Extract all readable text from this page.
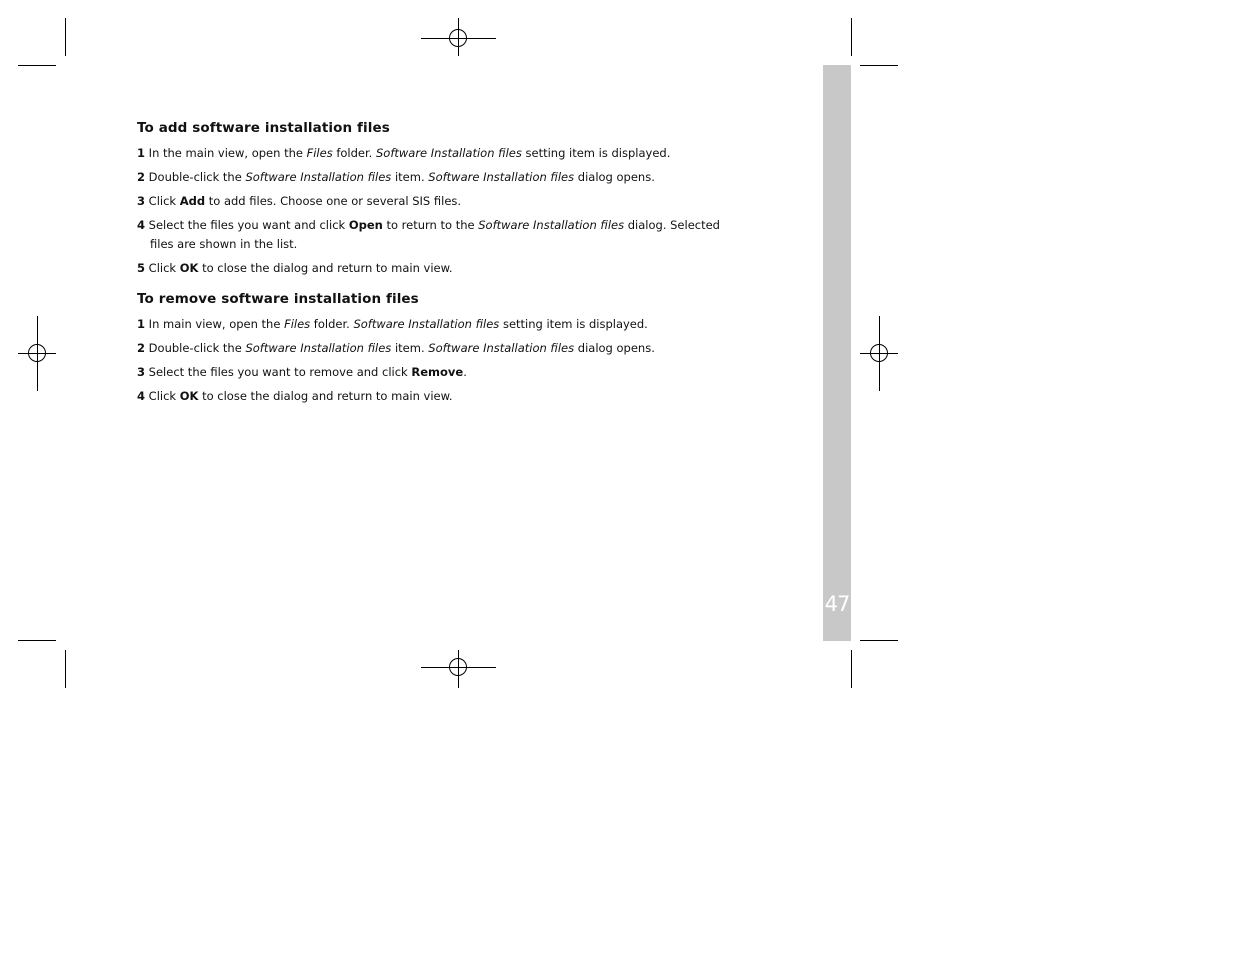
47
To add software installation files
1 In the main view, open the Files folder. Software Installation files setting item is displayed.
2 Double-click the Software Installation files item. Software Installation files dialog opens.
3 Click Add to add files. Choose one or several SIS files.
4 Select the files you want and click Open to return to the Software Installation files dialog. Selected files are shown in the list.
5 Click OK to close the dialog and return to main view.
To remove software installation files
1 In main view, open the Files folder. Software Installation files setting item is displayed.
2 Double-click the Software Installation files item. Software Installation files dialog opens.
3 Select the files you want to remove and click Remove.
4 Click OK to close the dialog and return to main view.
